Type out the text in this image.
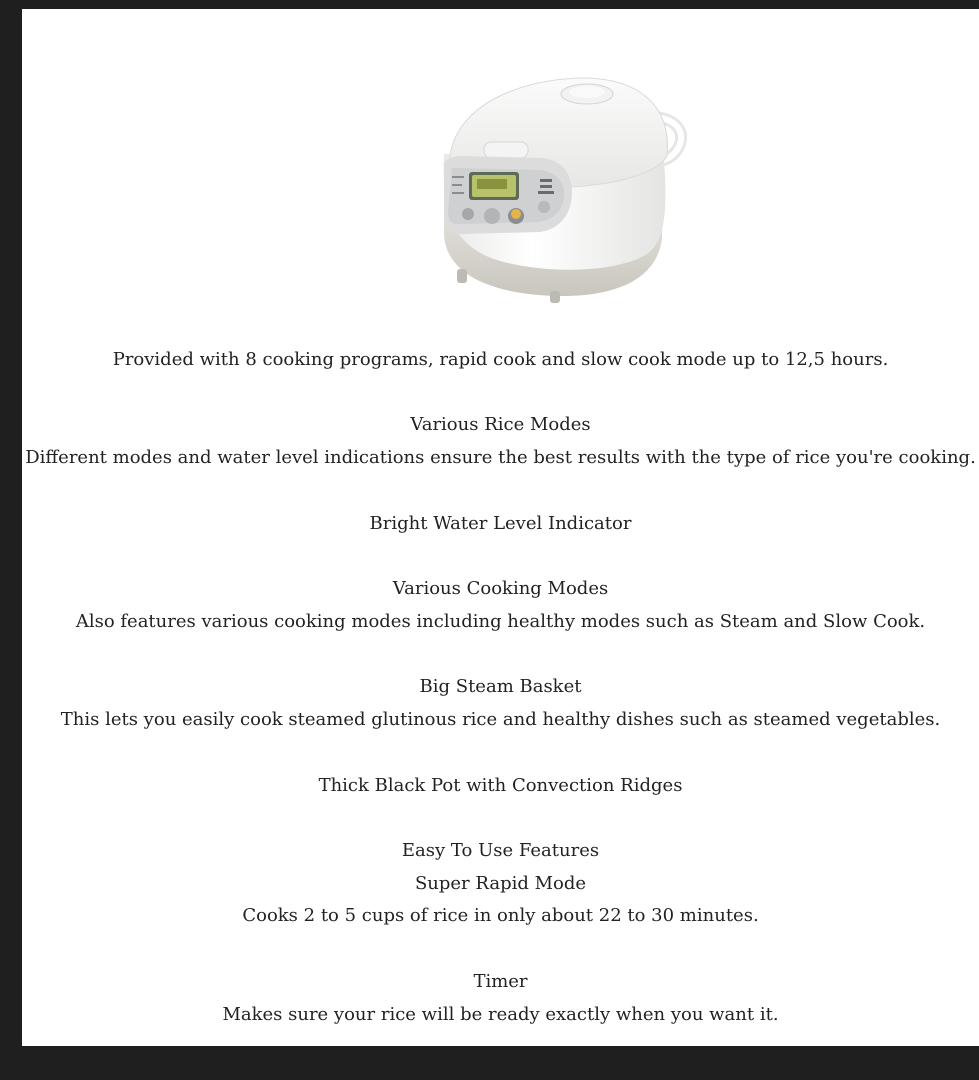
Provided with 8 cooking programs, rapid cook and slow cook mode up to 12,5 hours.
Various Rice Modes
Different modes and water level indications ensure the best results with the type of rice you're cooking.
Bright Water Level Indicator
Various Cooking Modes
Also features various cooking modes including healthy modes such as Steam and Slow Cook.
Big Steam Basket
This lets you easily cook steamed glutinous rice and healthy dishes such as steamed vegetables.
Thick Black Pot with Convection Ridges
Easy To Use Features
Super Rapid Mode
Cooks 2 to 5 cups of rice in only about 22 to 30 minutes.
Timer
Makes sure your rice will be ready exactly when you want it.
